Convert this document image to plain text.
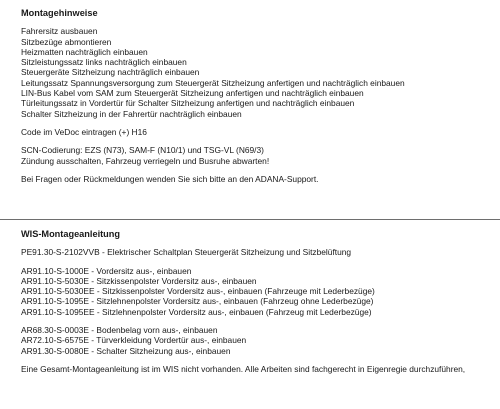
Montagehinweise
Fahrersitz ausbauen
Sitzbezüge abmontieren
Heizmatten nachträglich einbauen
Sitzleistungssatz links nachträglich einbauen
Steuergeräte Sitzheizung nachträglich einbauen
Leitungssatz Spannungsversorgung zum Steuergerät Sitzheizung anfertigen und nachträglich einbauen
LIN-Bus Kabel vom SAM zum Steuergerät Sitzheizung anfertigen und nachträglich einbauen
Türleitungssatz in Vordertür für Schalter Sitzheizung anfertigen und nachträglich einbauen
Schalter Sitzheizung in der Fahrertür nachträglich einbauen
Code im VeDoc eintragen (+) H16
SCN-Codierung: EZS (N73), SAM-F (N10/1) und TSG-VL (N69/3)
Zündung ausschalten, Fahrzeug verriegeln und Busruhe abwarten!
Bei Fragen oder Rückmeldungen wenden Sie sich bitte an den ADANA-Support.
WIS-Montageanleitung
PE91.30-S-2102VVB - Elektrischer Schaltplan Steuergerät Sitzheizung und Sitzbelüftung
AR91.10-S-1000E - Vordersitz aus-, einbauen
AR91.10-S-5030E - Sitzkissenpolster Vordersitz aus-, einbauen
AR91.10-S-5030EE - Sitzkissenpolster Vordersitz aus-, einbauen (Fahrzeuge mit Lederbezüge)
AR91.10-S-1095E - Sitzlehnenpolster Vordersitz aus-, einbauen (Fahrzeug ohne Lederbezüge)
AR91.10-S-1095EE - Sitzlehnenpolster Vordersitz aus-, einbauen (Fahrzeug mit Lederbezüge)
AR68.30-S-0003E - Bodenbelag vorn aus-, einbauen
AR72.10-S-6575E - Türverkleidung Vordertür aus-, einbauen
AR91.30-S-0080E - Schalter Sitzheizung aus-, einbauen
Eine Gesamt-Montageanleitung ist im WIS nicht vorhanden. Alle Arbeiten sind fachgerecht in Eigenregie durchzuführen,
